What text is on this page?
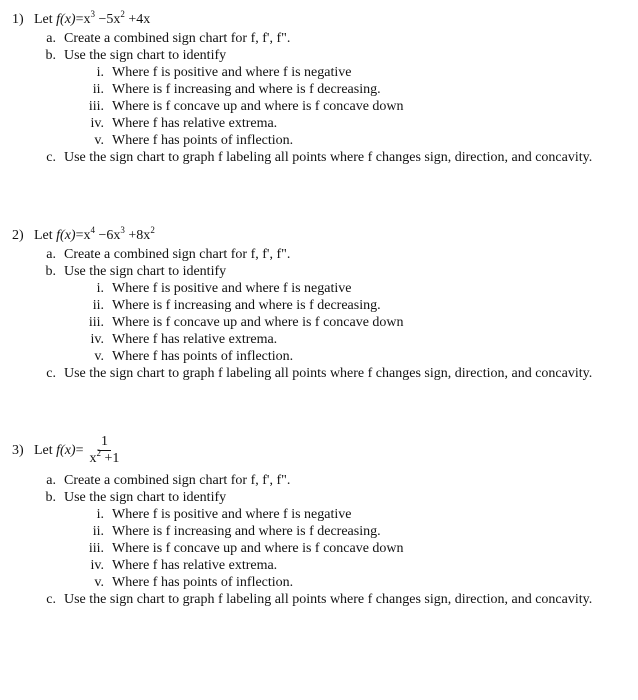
1) Let
$f(x) = x^3 -5x^2 +4x$
a. Create a combined sign chart for f, f', f".
b. Use the sign chart to identify
i. Where f is positive and where f is negative
ii. Where is f increasing and where is f decreasing.
iii. Where is f concave up and where is f concave down
iv. Where f has relative extrema.
v. Where f has points of inflection.
c. Use the sign chart to graph f labeling all points where f changes sign, direction, and concavity.
2) Let
$f(x) = x^4 -6x^3 +8x^2$
a. Create a combined sign chart for f, f', f".
b. Use the sign chart to identify
i. Where f is positive and where f is negative
ii. Where is f increasing and where is f decreasing.
iii. Where is f concave up and where is f concave down
iv. Where f has relative extrema.
v. Where f has points of inflection.
c. Use the sign chart to graph f labeling all points where f changes sign, direction, and concavity.
3) Let
$f(x) = \frac{1}{x^2 +1}$
a. Create a combined sign chart for f, f', f".
b. Use the sign chart to identify
i. Where f is positive and where f is negative
ii. Where is f increasing and where is f decreasing.
iii. Where is f concave up and where is f concave down
iv. Where f has relative extrema.
v. Where f has points of inflection.
c. Use the sign chart to graph f labeling all points where f changes sign, direction, and concavity.
